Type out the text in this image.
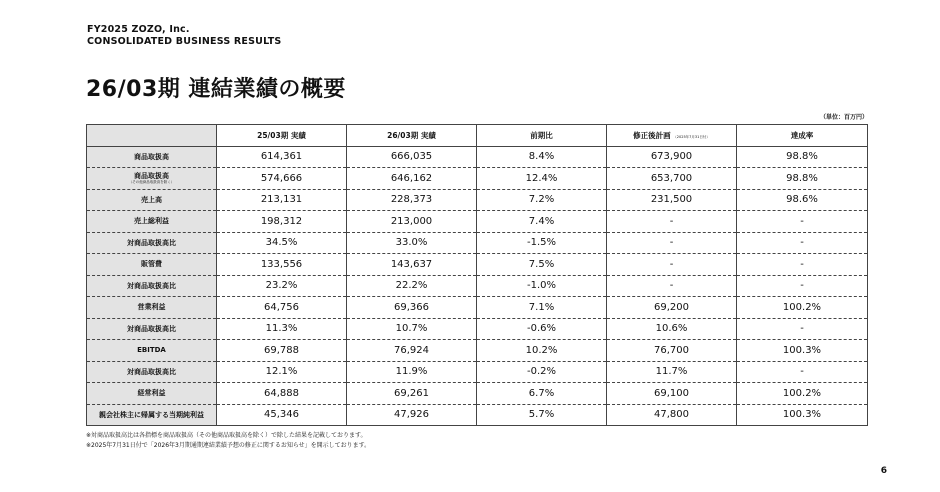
FY2025 ZOZO, Inc.
CONSOLIDATED BUSINESS RESULTS
26/03期 連結業績の概要
（単位：百万円）
	25/03期 実績	26/03期 実績	前期比	修正後計画 （2025年7月31日付）	達成率
商品取扱高	614,361	666,035	8.4%	673,900	98.8%
商品取扱高
（その他商品取扱高を除く）	574,666	646,162	12.4%	653,700	98.8%
売上高	213,131	228,373	7.2%	231,500	98.6%
売上総利益	198,312	213,000	7.4%	-	-
対商品取扱高比	34.5%	33.0%	-1.5%	-	-
販管費	133,556	143,637	7.5%	-	-
対商品取扱高比	23.2%	22.2%	-1.0%	-	-
営業利益	64,756	69,366	7.1%	69,200	100.2%
対商品取扱高比	11.3%	10.7%	-0.6%	10.6%	-
EBITDA	69,788	76,924	10.2%	76,700	100.3%
対商品取扱高比	12.1%	11.9%	-0.2%	11.7%	-
経常利益	64,888	69,261	6.7%	69,100	100.2%
親会社株主に帰属する当期純利益	45,346	47,926	5.7%	47,800	100.3%
※対商品取扱高比は各指標を商品取扱高（その他商品取扱高を除く）で除した結果を記載しております。
※2025年7月31日付で「2026年3月期通期連結業績予想の修正に関するお知らせ」を開示しております。
6
